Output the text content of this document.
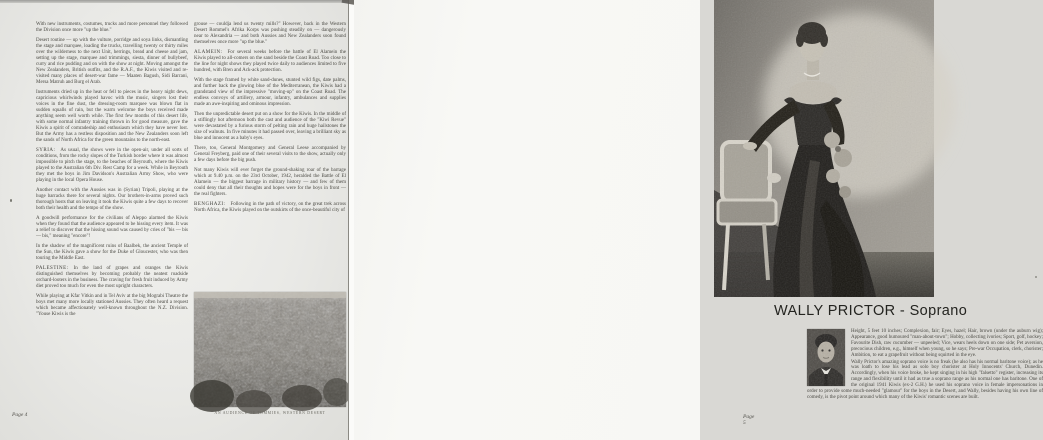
With new instruments, costumes, trucks and more personnel they followed the Division once more "up the blue."

Desert routine — up with the vulture, porridge and soya links, dismantling the stage and marquee, loading the trucks, travelling twenty or thirty miles over the wilderness to the next Unit, herrings, bread and cheese and jam, setting up the stage, marquee and trimmings, siesta, dinner of bullybeef, curry and rice pudding and on with the show at night. Moving amongst the New Zealanders, British outfits, and the R.A.F., the Kiwis visited and re-visited many places of desert-war fame — Maaten Bagush, Sidi Barrani, Mersa Matruh and Burg el Arab.

Instruments dried up in the heat or fell to pieces in the heavy night dews, capricious whirlwinds played havoc with the music, singers lost their voices in the fine dust, the dressing-room marquee was blown flat in sudden squalls of rain, but the warm welcome the boys received made anything seem well worth while. The first few months of this desert life, with some normal infantry training thrown in for good measure, gave the Kiwis a spirit of comradeship and enthusiasm which they have never lost. But the Army has a restless disposition and the New Zealanders soon left the sands of North Africa for the green mountains to the north-east.

SYRIA: As usual, the shows were in the open-air, under all sorts of conditions, from the rocky slopes of the Turkish border where it was almost impossible to pitch the stage, to the beaches of Beyrouth, where the Kiwis played to the Australian 6th Div. Rest Camp for a week. While in Beyrouth they met the boys in Jim Davidson's Australian Army Show, who were playing in the local Opera House.

Another contact with the Aussies was in (Syrian) Tripoli, playing at the huge barracks there for several nights. Our brothers-in-arms proved such thorough hosts that on leaving it took the Kiwis quite a few days to recover both their health and the tempo of the show.

A goodwill performance for the civilians of Aleppo alarmed the Kiwis when they found that the audience appeared to be hissing every item. It was a relief to discover that the hissing sound was caused by cries of "bis — bis — bis," meaning "encore"!

In the shadow of the magnificent ruins of Baalbek, the ancient Temple of the Sun, the Kiwis gave a show for the Duke of Gloucester, who was then touring the Middle East.

PALESTINE: In the land of grapes and oranges the Kiwis distinguished themselves by becoming probably the neatest roadside orchard-looters in the business. The craving for fresh fruit induced by Army diet proved too much for even the most upright characters.

While playing at Kfar Vitkin and in Tel Aviv at the big Mograbi Theatre the boys met many more locally stationed Aussies. They often heard a request which became affectionately well-known throughout the N.Z. Division. "Youse Kiwis is the

grouse — couldja lend us twenty mills?" However, back in the Western Desert Rommel's Afrika Korps was pushing steadily on — dangerously near to Alexandria — and both Aussies and New Zealanders soon found themselves once more "up the blue."

ALAMEIN: For several weeks before the battle of El Alamein the Kiwis played to all-comers on the sand beside the Coast Road. Too close to the line for night shows they played twice daily to audiences limited to five hundred, with Bren and Ack-ack protection.

With the stage framed by white sand-dunes, stunted wild figs, date palms, and further back the glowing blue of the Mediterranean, the Kiwis had a grandstand view of the impressive "moving-up" on the Coast Road. The endless convoys of artillery, armour, infantry, ambulances and supplies made an awe-inspiring and ominous impression.

Then the unpredictable desert put on a show for the Kiwis. In the middle of a stiflingly hot afternoon both the cast and audience of the "Kiwi Revue" were devastated by a furious storm of pelting rain and huge hailstones the size of walnuts. In five minutes it had passed over, leaving a brilliant sky as blue and innocent as a baby's eyes.

There, too, General Montgomery and General Leese accompanied by General Freyberg, paid one of their several visits to the show, actually only a few days before the big push.

Not many Kiwis will ever forget the ground-shaking roar of the barrage which at 9.40 p.m. on the 23rd October, 1942, heralded the Battle of El Alamein — the biggest barrage in military history — and few of them could deny that all their thoughts and hopes were for the boys in front — the real fighters.

BENGHAZI: Following in the path of victory, on the great trek across North Africa, the Kiwis played on the outskirts of the once-beautiful city of

AN AUDIENCE OF TOMMIES, WESTERN DESERT
Page 4
WALLY PRICTOR - Soprano

Height, 5 feet 10 inches; Complexion, fair; Eyes, hazel; Hair, brown (under the auburn wig); Appearance, good humoured "man-about-town"; Hobby, collecting ivories; Sport, golf, hockey; Favourite Dish, raw cucumber — unpeeled; Vice, wears heels down on one side; Pet aversion, precocious children, e.g., himself when young, so he says; Pre-war Occupation, clerk, chorister; Ambition, to eat a grapefruit without being squirted in the eye.

Wally Prictor's amazing soprano voice is no freak (he also has his normal baritone voice); as he was loath to lose his lead as solo boy chorister at Holy Innocents' Church, Dunedin. Accordingly, when his voice broke, he kept singing in his high "falsetto" register, increasing its range and flexibility until it had as true a soprano range as his normal one has baritone. One of the original 1941 Kiwis (ex-2 G.H.) he used his soprano voice in female impersonations in order to provide some much-needed "glamour" for the boys in the Desert, and Wally, besides having his own line of comedy, is the pivot point around which many of the Kiwis' romantic scenes are built.

Page 5
